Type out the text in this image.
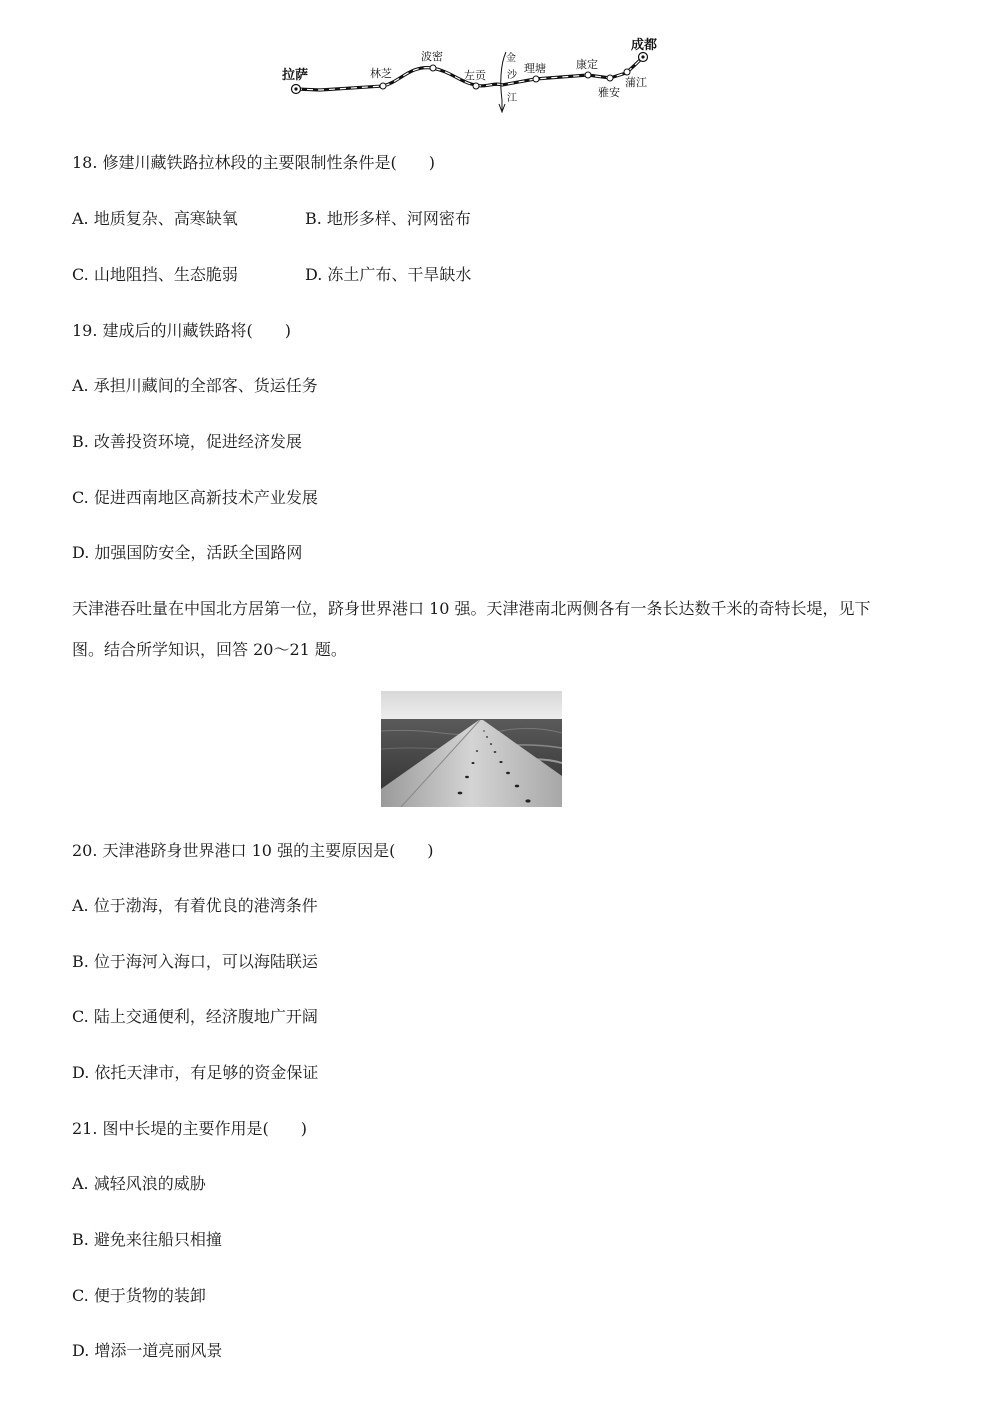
拉萨	林芝
波密
左贡
理塘	康定
雅安
蒲江
成都
金
沙
江
18. 修建川藏铁路拉林段的主要限制性条件是(　　)
A. 地质复杂、高寒缺氧	B. 地形多样、河网密布
C. 山地阻挡、生态脆弱	D. 冻土广布、干旱缺水
19. 建成后的川藏铁路将(　　)
A. 承担川藏间的全部客、货运任务
B. 改善投资环境，促进经济发展
C. 促进西南地区高新技术产业发展
D. 加强国防安全，活跃全国路网
天津港吞吐量在中国北方居第一位，跻身世界港口 10 强。天津港南北两侧各有一条长达数千米的奇特长堤，见下图。结合所学知识，回答 20～21 题。
20. 天津港跻身世界港口 10 强的主要原因是(　　)
A. 位于渤海，有着优良的港湾条件
B. 位于海河入海口，可以海陆联运
C. 陆上交通便利，经济腹地广开阔
D. 依托天津市，有足够的资金保证
21. 图中长堤的主要作用是(　　)
A. 减轻风浪的威胁
B. 避免来往船只相撞
C. 便于货物的装卸
D. 增添一道亮丽风景
